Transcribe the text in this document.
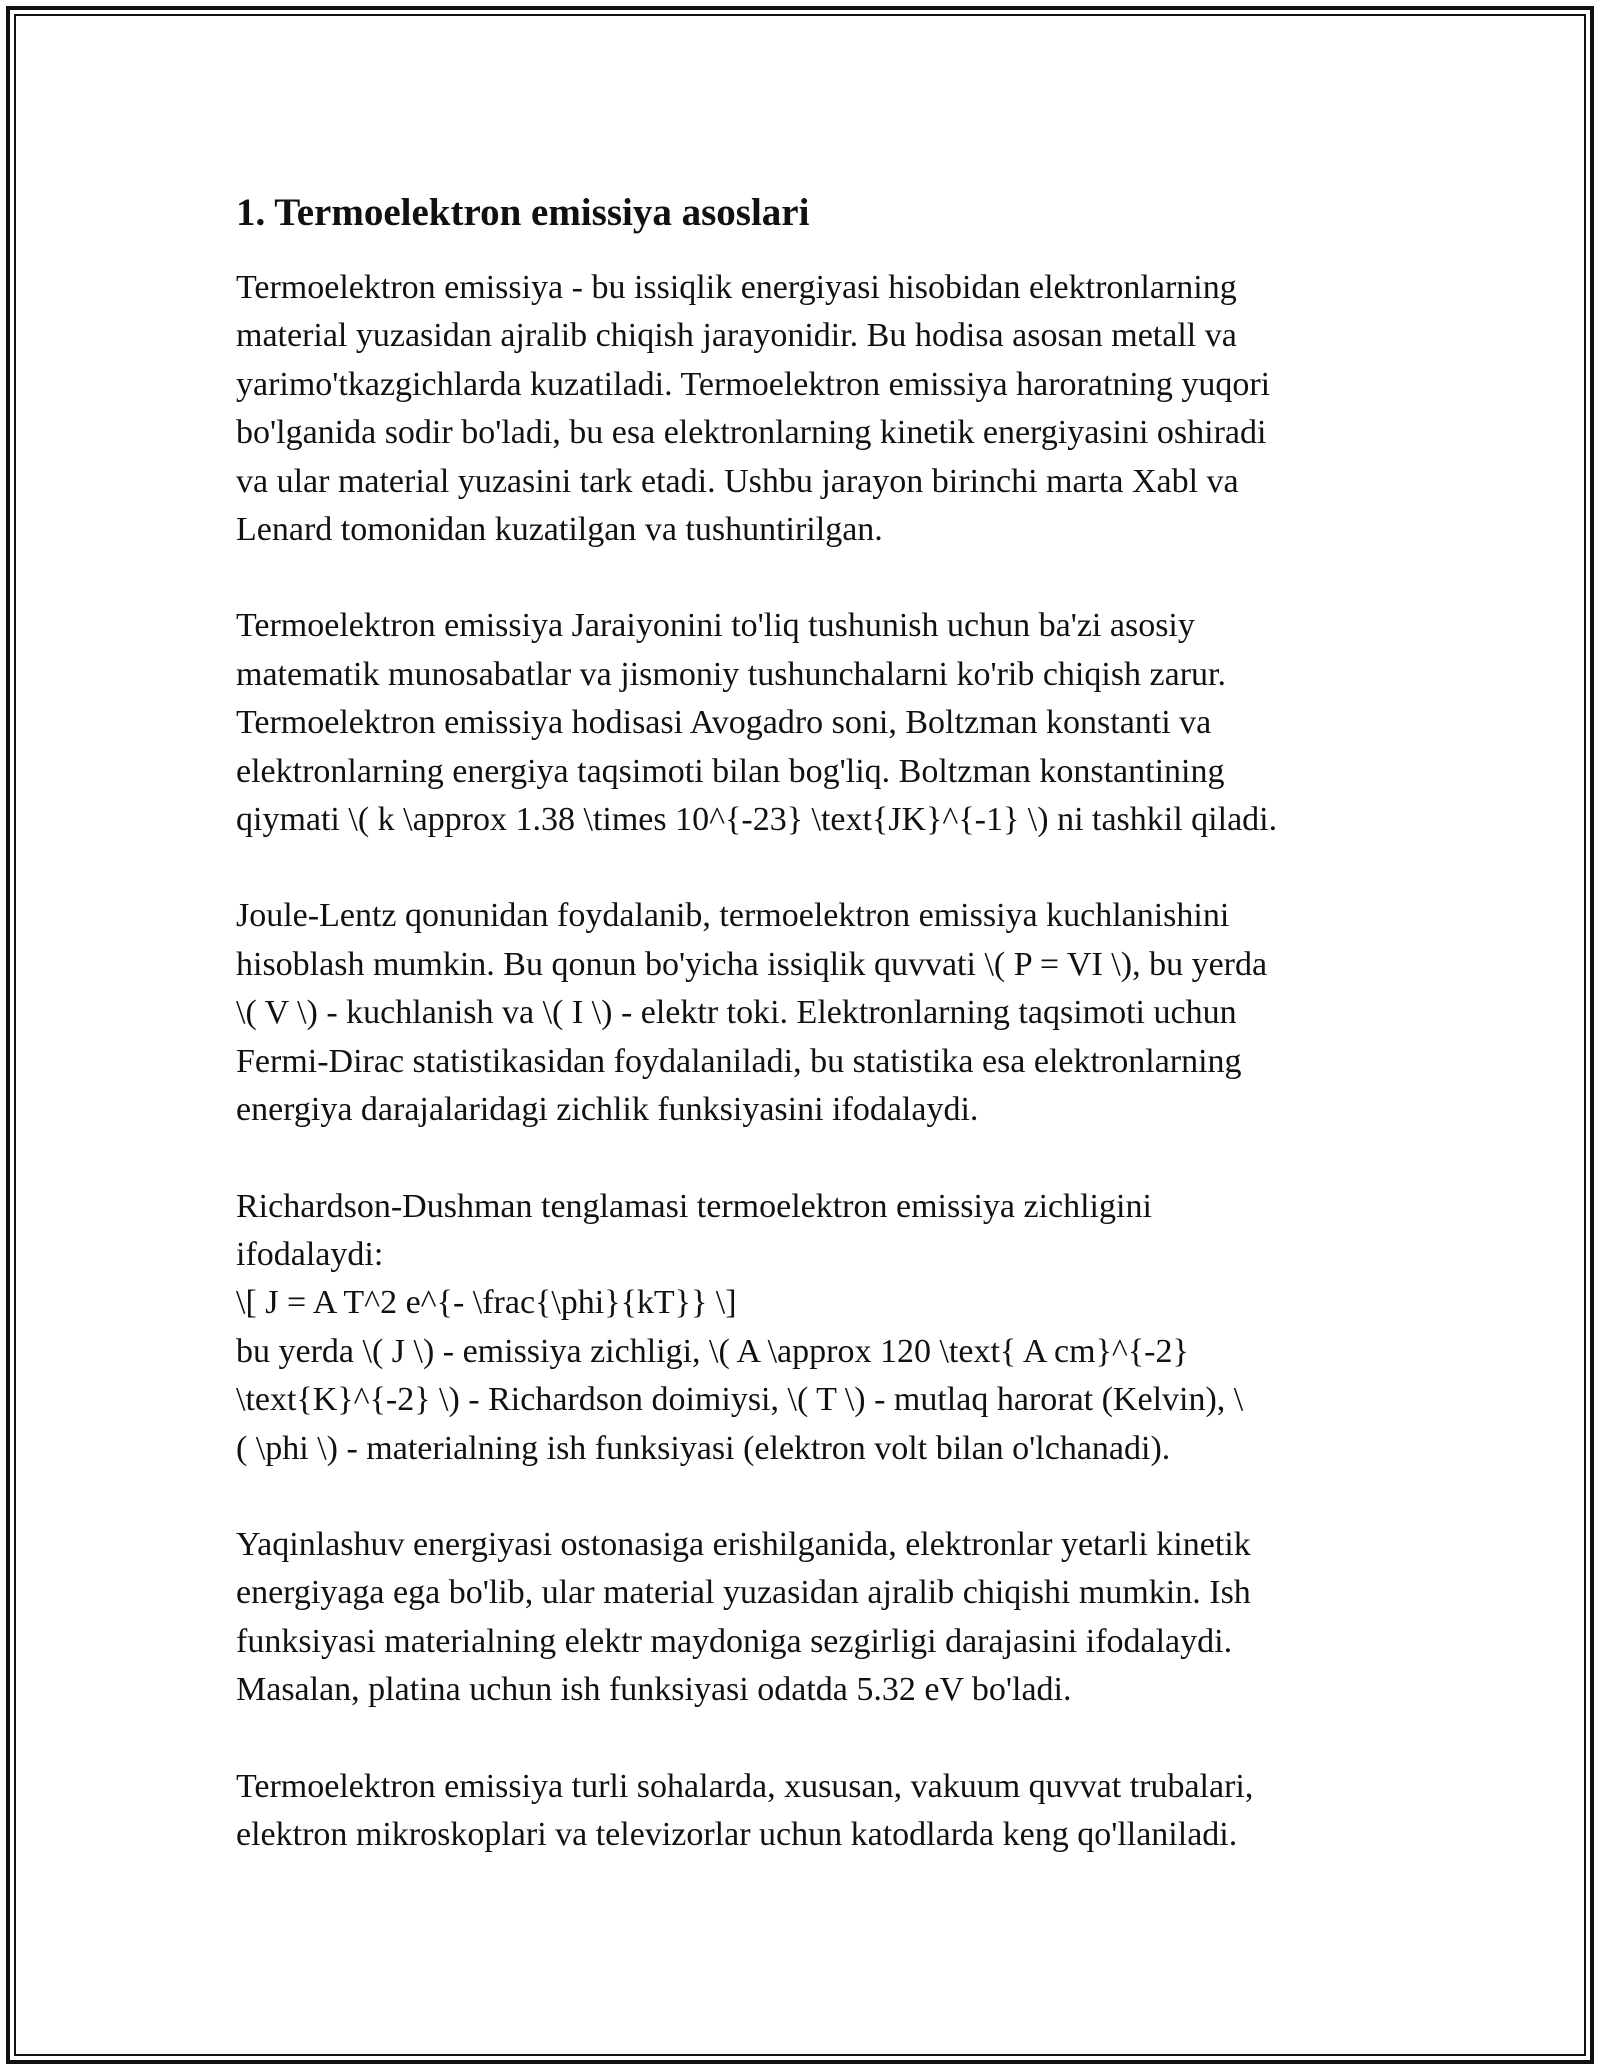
1. Termoelektron emissiya asoslari

Termoelektron emissiya - bu issiqlik energiyasi hisobidan elektronlarning
material yuzasidan ajralib chiqish jarayonidir. Bu hodisa asosan metall va
yarimo'tkazgichlarda kuzatiladi. Termoelektron emissiya haroratning yuqori
bo'lganida sodir bo'ladi, bu esa elektronlarning kinetik energiyasini oshiradi
va ular material yuzasini tark etadi. Ushbu jarayon birinchi marta Xabl va
Lenard tomonidan kuzatilgan va tushuntirilgan.

Termoelektron emissiya Jaraiyonini to'liq tushunish uchun ba'zi asosiy
matematik munosabatlar va jismoniy tushunchalarni ko'rib chiqish zarur.
Termoelektron emissiya hodisasi Avogadro soni, Boltzman konstanti va
elektronlarning energiya taqsimoti bilan bog'liq. Boltzman konstantining
qiymati \( k \approx 1.38 \times 10^{-23} \text{JK}^{-1} \) ni tashkil qiladi.

Joule-Lentz qonunidan foydalanib, termoelektron emissiya kuchlanishini
hisoblash mumkin. Bu qonun bo'yicha issiqlik quvvati \( P = VI \), bu yerda
\( V \) - kuchlanish va \( I \) - elektr toki. Elektronlarning taqsimoti uchun
Fermi-Dirac statistikasidan foydalaniladi, bu statistika esa elektronlarning
energiya darajalaridagi zichlik funksiyasini ifodalaydi.

Richardson-Dushman tenglamasi termoelektron emissiya zichligini
ifodalaydi:
\[ J = A T^2 e^{- \frac{\phi}{kT}} \]
bu yerda \( J \) - emissiya zichligi, \( A \approx 120 \text{ A cm}^{-2}
\text{K}^{-2} \) - Richardson doimiysi, \( T \) - mutlaq harorat (Kelvin), \
( \phi \) - materialning ish funksiyasi (elektron volt bilan o'lchanadi).

Yaqinlashuv energiyasi ostonasiga erishilganida, elektronlar yetarli kinetik
energiyaga ega bo'lib, ular material yuzasidan ajralib chiqishi mumkin. Ish
funksiyasi materialning elektr maydoniga sezgirligi darajasini ifodalaydi.
Masalan, platina uchun ish funksiyasi odatda 5.32 eV bo'ladi.

Termoelektron emissiya turli sohalarda, xususan, vakuum quvvat trubalari,
elektron mikroskoplari va televizorlar uchun katodlarda keng qo'llaniladi.
